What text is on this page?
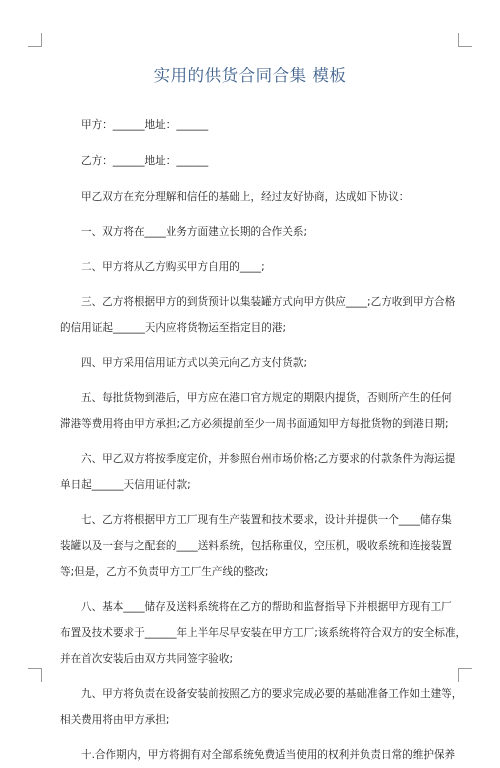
实用的供货合同合集 模板

甲方：______地址：______

乙方：______地址：______

甲乙双方在充分理解和信任的基础上，经过友好协商，达成如下协议：

一、双方将在____业务方面建立长期的合作关系;

二、甲方将从乙方购买甲方自用的____;

三、乙方将根据甲方的到货预计以集装罐方式向甲方供应____;乙方收到甲方合格

的信用证起______天内应将货物运至指定目的港;

四、甲方采用信用证方式以美元向乙方支付货款;

五、每批货物到港后，甲方应在港口官方规定的期限内提货，否则所产生的任何

滞港等费用将由甲方承担;乙方必须提前至少一周书面通知甲方每批货物的到港日期;

六、甲乙双方将按季度定价，并参照台州市场价格;乙方要求的付款条件为海运提

单日起______天信用证付款;

七、乙方将根据甲方工厂现有生产装置和技术要求，设计并提供一个____储存集

装罐以及一套与之配套的____送料系统，包括称重仪，空压机，吸收系统和连接装置

等;但是，乙方不负责甲方工厂生产线的整改;

八、基本____储存及送料系统将在乙方的帮助和监督指导下并根据甲方现有工厂

布置及技术要求于______年上半年尽早安装在甲方工厂;该系统将符合双方的安全标准，

并在首次安装后由双方共同签字验收;

九、甲方将负责在设备安装前按照乙方的要求完成必要的基础准备工作如土建等，

相关费用将由甲方承担;

十.合作期内，甲方将拥有对全部系统免费适当使用的权利并负责日常的维护保养
